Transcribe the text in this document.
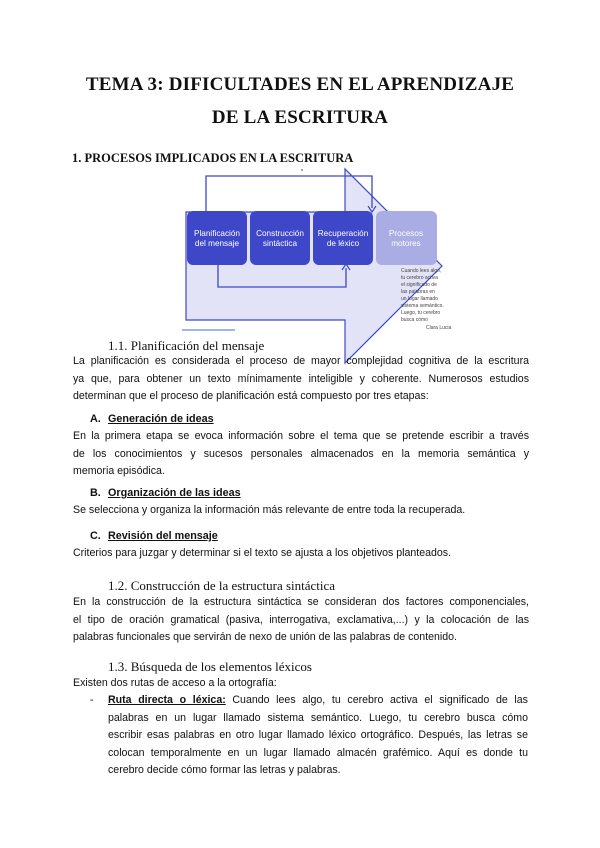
TEMA 3: DIFICULTADES EN EL APRENDIZAJE
DE LA ESCRITURA
1. PROCESOS IMPLICADOS EN LA ESCRITURA
Planificación
del mensaje
Construcción
sintáctica
Recuperación
de léxico
Procesos
motores
Cuando lees algo,
tu cerebro activa
el significado de
las palabras en
un lugar llamado
sistema semántico.
Luego, tu cerebro
busca cómo
Clara Lucia
1.1. Planificación del mensaje
La planificación es considerada el proceso de mayor complejidad cognitiva de la escritura
ya que, para obtener un texto mínimamente inteligible y coherente. Numerosos estudios
determinan que el proceso de planificación está compuesto por tres etapas:
A. Generación de ideas
En la primera etapa se evoca información sobre el tema que se pretende escribir a través
de los conocimientos y sucesos personales almacenados en la memoria semántica y
memoria episódica.
B. Organización de las ideas
Se selecciona y organiza la información más relevante de entre toda la recuperada.
C. Revisión del mensaje
Criterios para juzgar y determinar si el texto se ajusta a los objetivos planteados.
1.2. Construcción de la estructura sintáctica
En la construcción de la estructura sintáctica se consideran dos factores componenciales,
el tipo de oración gramatical (pasiva, interrogativa, exclamativa,...) y la colocación de las
palabras funcionales que servirán de nexo de unión de las palabras de contenido.
1.3. Búsqueda de los elementos léxicos
Existen dos rutas de acceso a la ortografía:
- Ruta directa o léxica: Cuando lees algo, tu cerebro activa el significado de las
palabras en un lugar llamado sistema semántico. Luego, tu cerebro busca cómo
escribir esas palabras en otro lugar llamado léxico ortográfico. Después, las letras se
colocan temporalmente en un lugar llamado almacén grafémico. Aquí es donde tu
cerebro decide cómo formar las letras y palabras.
